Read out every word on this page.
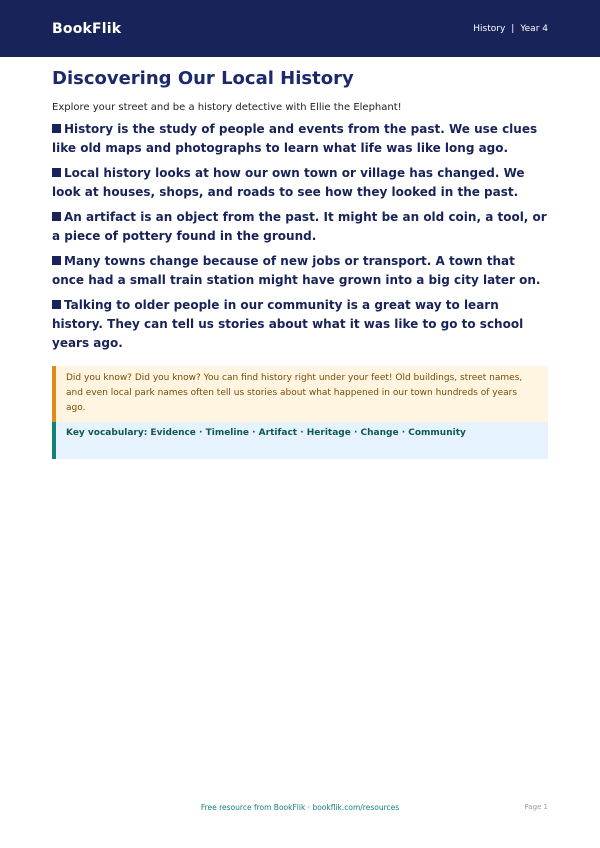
BookFlik	History | Year 4
Discovering Our Local History

Explore your street and be a history detective with Ellie the Elephant!

History is the study of people and events from the past. We use clues like old maps and photographs to learn what life was like long ago.
Local history looks at how our own town or village has changed. We look at houses, shops, and roads to see how they looked in the past.
An artifact is an object from the past. It might be an old coin, a tool, or a piece of pottery found in the ground.
Many towns change because of new jobs or transport. A town that once had a small train station might have grown into a big city later on.
Talking to older people in our community is a great way to learn history. They can tell us stories about what it was like to go to school years ago.
Did you know? Did you know? You can find history right under your feet! Old buildings, street names, and even local park names often tell us stories about what happened in our town hundreds of years ago.
Key vocabulary: Evidence · Timeline · Artifact · Heritage · Change · Community
Free resource from BookFlik · bookflik.com/resources	Page 1
